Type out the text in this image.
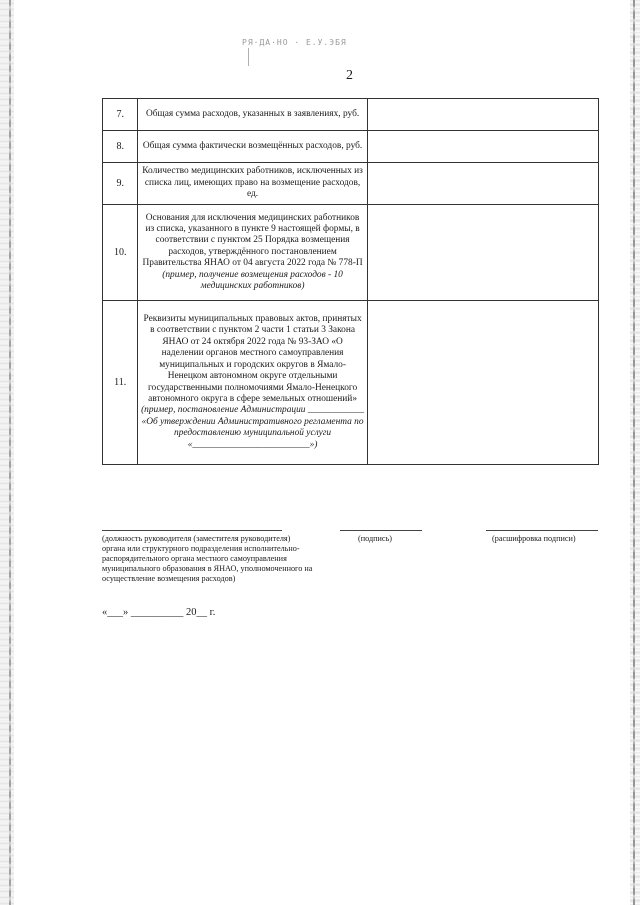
РЯ·ДА·НО · Е.У.ЭБЯ
2
7.	Общая сумма расходов, указанных в заявлениях, руб.	
8.	Общая сумма фактически возмещённых расходов, руб.	
9.	Количество медицинских работников, исключенных из списка лиц, имеющих право на возмещение расходов, ед.	
10.	Основания для исключения медицинских работников из списка, указанного в пункте 9 настоящей формы, в соответствии с пунктом 25 Порядка возмещения расходов, утверждённого постановлением Правительства ЯНАО от 04 августа 2022 года № 778-П
(пример, получение возмещения расходов - 10 медицинских работников)	
11.	Реквизиты муниципальных правовых актов, принятых в соответствии с пунктом 2 части 1 статьи 3 Закона ЯНАО от 24 октября 2022 года № 93-ЗАО «О наделении органов местного самоуправления муниципальных и городских округов в Ямало-Ненецком автономном округе отдельными государственными полномочиями Ямало-Ненецкого автономного округа в сфере земельных отношений»
(пример, постановление Администрации ____________ «Об утверждении Административного регламента по предоставлению муниципальной услуги «_________________________»)	
(должность руководителя (заместителя руководителя) органа или структурного подразделения исполнительно-распорядительного органа местного самоуправления муниципального образования в ЯНАО, уполномоченного на осуществление возмещения расходов)
(подпись)	(расшифровка подписи)
«___» __________ 20__ г.
